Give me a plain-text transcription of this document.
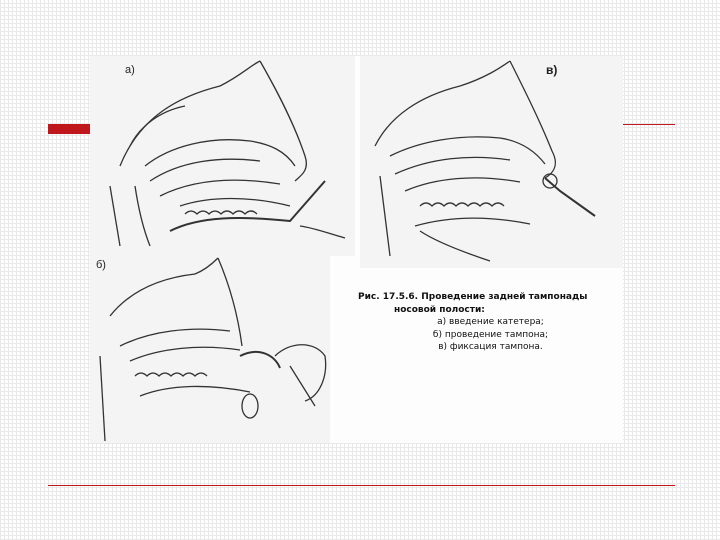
а)
б)
в)
Рис. 17.5.6. Проведение задней тампонады
носовой полости:
а) введение катетера;
б) проведение тампона;
в) фиксация тампона.
